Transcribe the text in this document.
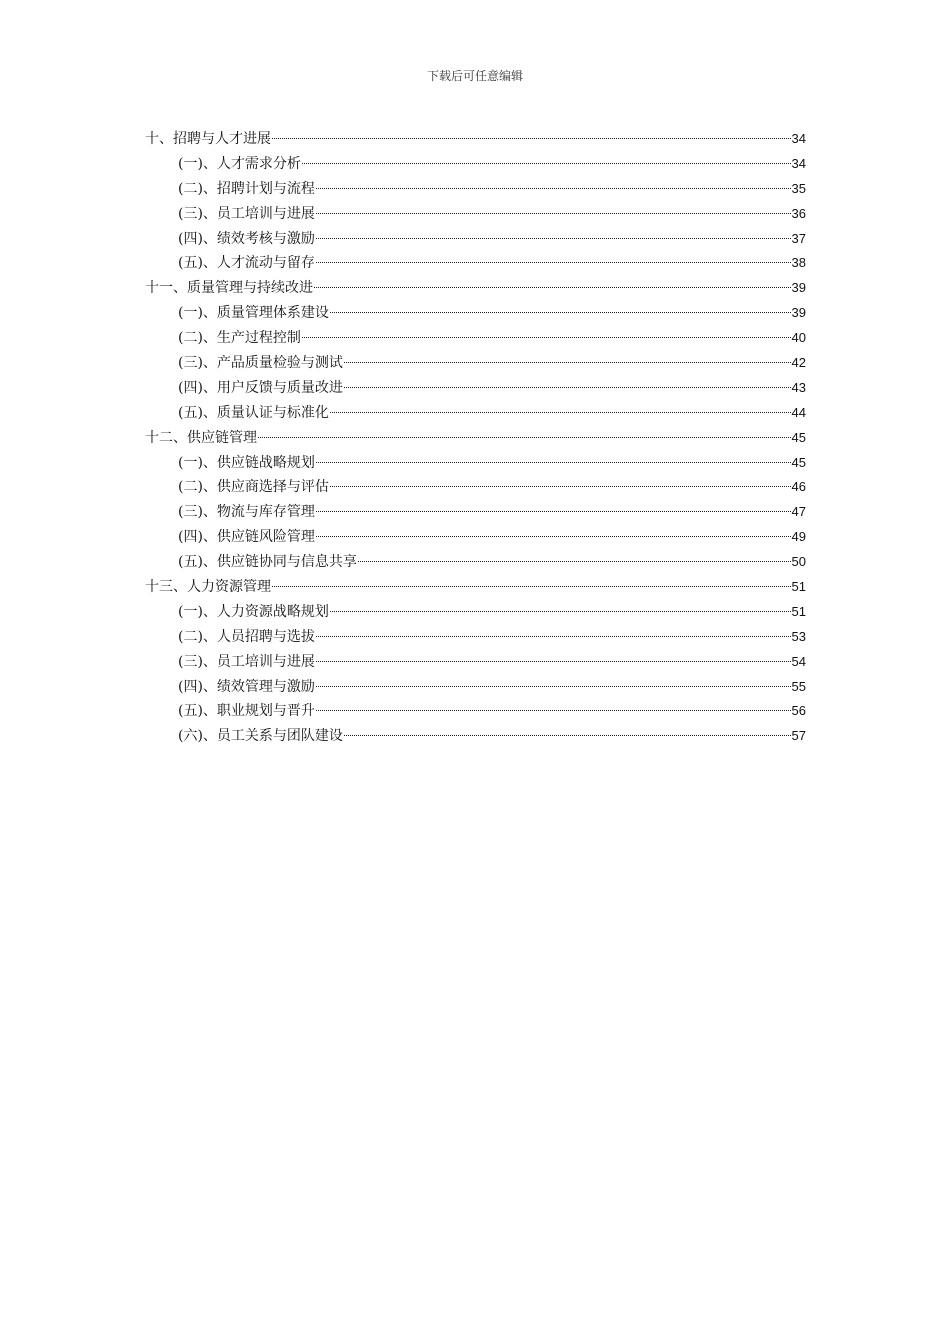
下载后可任意编辑
十、招聘与人才进展	34
(一)、人才需求分析	34
(二)、招聘计划与流程	35
(三)、员工培训与进展	36
(四)、绩效考核与激励	37
(五)、人才流动与留存	38
十一、质量管理与持续改进	39
(一)、质量管理体系建设	39
(二)、生产过程控制	40
(三)、产品质量检验与测试	42
(四)、用户反馈与质量改进	43
(五)、质量认证与标准化	44
十二、供应链管理	45
(一)、供应链战略规划	45
(二)、供应商选择与评估	46
(三)、物流与库存管理	47
(四)、供应链风险管理	49
(五)、供应链协同与信息共享	50
十三、人力资源管理	51
(一)、人力资源战略规划	51
(二)、人员招聘与选拔	53
(三)、员工培训与进展	54
(四)、绩效管理与激励	55
(五)、职业规划与晋升	56
(六)、员工关系与团队建设	57
